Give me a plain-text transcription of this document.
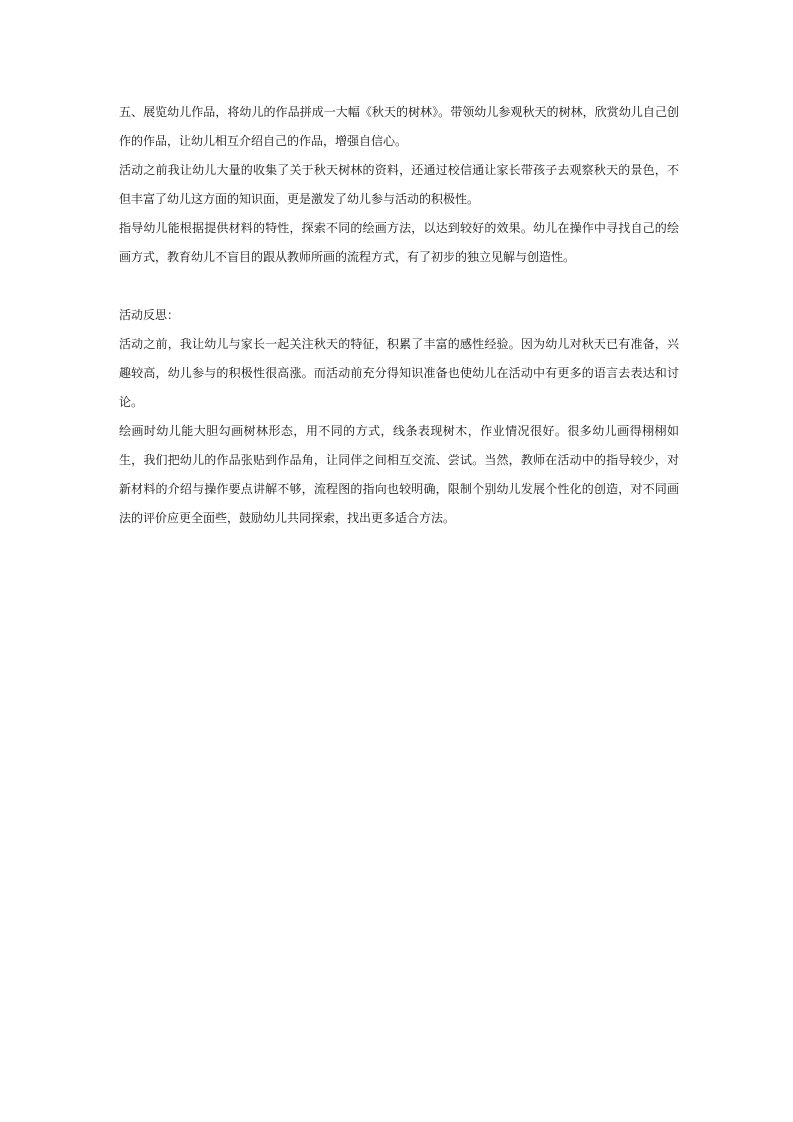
五、展览幼儿作品，将幼儿的作品拼成一大幅《秋天的树林》。带领幼儿参观秋天的树林，欣赏幼儿自己创作的作品，让幼儿相互介绍自己的作品，增强自信心。

活动之前我让幼儿大量的收集了关于秋天树林的资料，还通过校信通让家长带孩子去观察秋天的景色，不但丰富了幼儿这方面的知识面，更是激发了幼儿参与活动的积极性。

指导幼儿能根据提供材料的特性，探索不同的绘画方法，以达到较好的效果。幼儿在操作中寻找自己的绘画方式，教育幼儿不盲目的跟从教师所画的流程方式，有了初步的独立见解与创造性。

活动反思：

活动之前，我让幼儿与家长一起关注秋天的特征，积累了丰富的感性经验。因为幼儿对秋天已有准备，兴趣较高，幼儿参与的积极性很高涨。而活动前充分得知识准备也使幼儿在活动中有更多的语言去表达和讨论。

绘画时幼儿能大胆勾画树林形态，用不同的方式，线条表现树木，作业情况很好。很多幼儿画得栩栩如生，我们把幼儿的作品张贴到作品角，让同伴之间相互交流、尝试。当然，教师在活动中的指导较少，对新材料的介绍与操作要点讲解不够，流程图的指向也较明确，限制个别幼儿发展个性化的创造，对不同画法的评价应更全面些，鼓励幼儿共同探索，找出更多适合方法。
